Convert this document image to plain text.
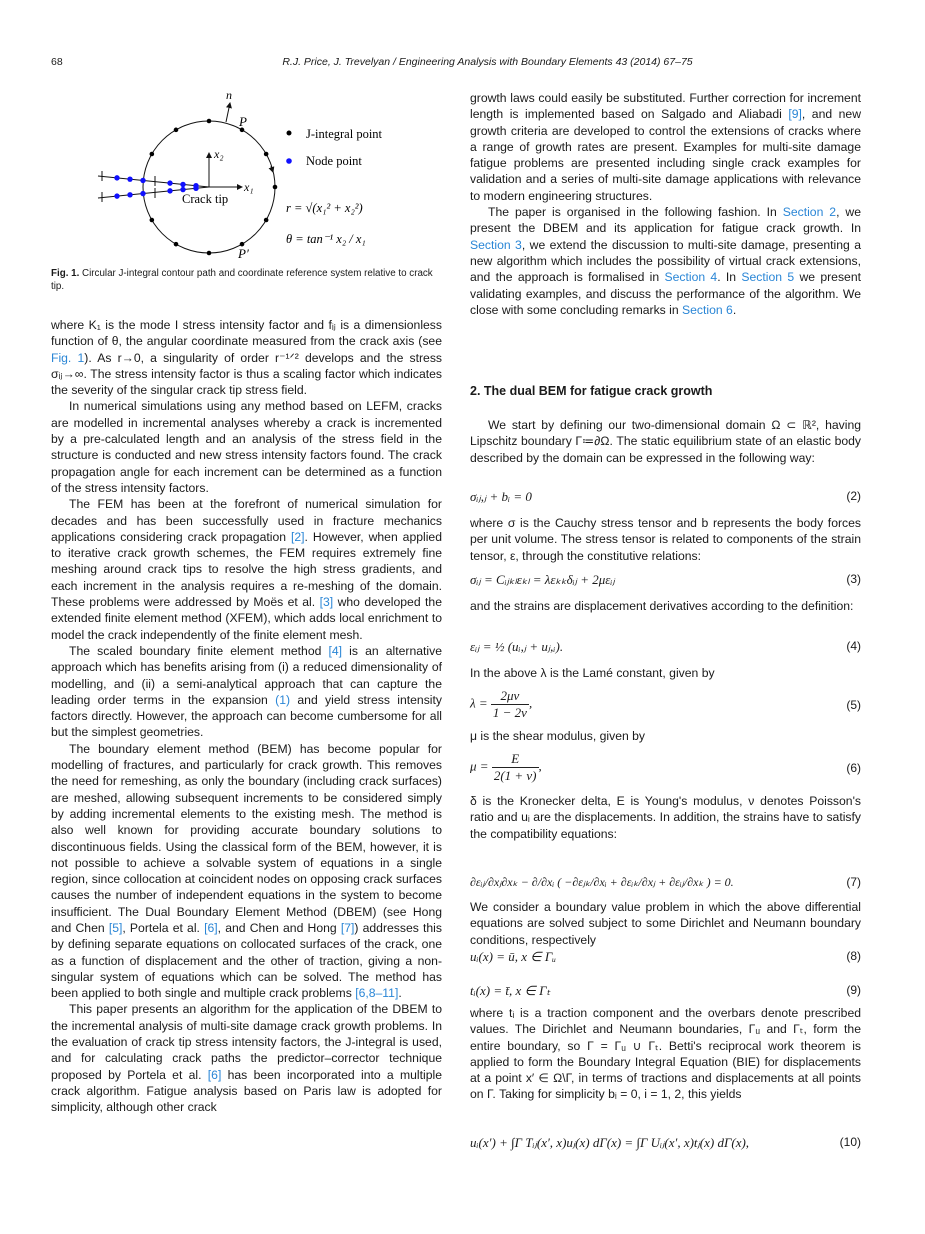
68	R.J. Price, J. Trevelyan / Engineering Analysis with Boundary Elements 43 (2014) 67–75
n
P
P′
x₂
x₁
Crack tip
J-integral point
Node point
r = √(x₁² + x₂²)
θ = tan⁻¹ x₂ / x₁
Fig. 1. Circular J-integral contour path and coordinate reference system relative to crack tip.

where K₁ is the mode I stress intensity factor and fᵢⱼ is a dimensionless function of θ, the angular coordinate measured from the crack axis (see Fig. 1). As r→0, a singularity of order r⁻¹ᐟ² develops and the stress σᵢⱼ→∞. The stress intensity factor is thus a scaling factor which indicates the severity of the singular crack tip stress field.

In numerical simulations using any method based on LEFM, cracks are modelled in incremental analyses whereby a crack is incremented by a pre-calculated length and an analysis of the stress field in the structure is conducted and new stress intensity factors found. The crack propagation angle for each increment can be determined as a function of the stress intensity factors.

The FEM has been at the forefront of numerical simulation for decades and has been successfully used in fracture mechanics applications considering crack propagation [2]. However, when applied to iterative crack growth schemes, the FEM requires extremely fine meshing around crack tips to resolve the high stress gradients, and each increment in the analysis requires a re-meshing of the domain. These problems were addressed by Moës et al. [3] who developed the extended finite element method (XFEM), which adds local enrichment to model the crack independently of the finite element mesh.

The scaled boundary finite element method [4] is an alternative approach which has benefits arising from (i) a reduced dimensionality of modelling, and (ii) a semi-analytical approach that can capture the leading order terms in the expansion (1) and yield stress intensity factors directly. However, the approach can become cumbersome for all but the simplest geometries.

The boundary element method (BEM) has become popular for modelling of fractures, and particularly for crack growth. This removes the need for remeshing, as only the boundary (including crack surfaces) are meshed, allowing subsequent increments to be considered simply by adding incremental elements to the existing mesh. The method is also well known for providing accurate boundary solutions to discontinuous fields. Using the classical form of the BEM, however, it is not possible to achieve a solvable system of equations in a single region, since collocation at coincident nodes on opposing crack surfaces causes the number of independent equations in the system to become insufficient. The Dual Boundary Element Method (DBEM) (see Hong and Chen [5], Portela et al. [6], and Chen and Hong [7]) addresses this by defining separate equations on collocated surfaces of the crack, one as a function of displacement and the other of traction, giving a non-singular system of equations which can be solved. The method has been applied to both single and multiple crack problems [6,8–11].

This paper presents an algorithm for the application of the DBEM to the incremental analysis of multi-site damage crack growth problems. In the evaluation of crack tip stress intensity factors, the J-integral is used, and for calculating crack paths the predictor–corrector technique proposed by Portela et al. [6] has been incorporated into a multiple crack algorithm. Fatigue analysis based on Paris law is adopted for simplicity, although other crack

growth laws could easily be substituted. Further correction for increment length is implemented based on Salgado and Aliabadi [9], and new growth criteria are developed to control the extensions of cracks where a range of growth rates are present. Examples for multi-site damage fatigue problems are presented including single crack examples for validation and a series of multi-site damage applications with relevance to modern engineering structures.

The paper is organised in the following fashion. In Section 2, we present the DBEM and its application for fatigue crack growth. In Section 3, we extend the discussion to multi-site damage, presenting a new algorithm which includes the possibility of virtual crack extensions, and the approach is formalised in Section 4. In Section 5 we present validating examples, and discuss the performance of the algorithm. We close with some concluding remarks in Section 6.

2. The dual BEM for fatigue crack growth
We start by defining our two-dimensional domain Ω ⊂ ℝ², having Lipschitz boundary Γ≔∂Ω. The static equilibrium state of an elastic body described by the domain can be expressed in the following way:
σᵢⱼ,ⱼ + bᵢ = 0	(2)
where σ is the Cauchy stress tensor and b represents the body forces per unit volume. The stress tensor is related to components of the strain tensor, ε, through the constitutive relations:
σᵢⱼ = Cᵢⱼₖₗεₖₗ = λεₖₖδᵢⱼ + 2μεᵢⱼ	(3)
and the strains are displacement derivatives according to the definition:
εᵢⱼ = ½ (uᵢ,ⱼ + uⱼ,ᵢ).	(4)
In the above λ is the Lamé constant, given by
$\lambda = \frac{2\mu\nu}{1 - 2\nu}$ ,	(5)
μ is the shear modulus, given by
$\mu = \frac{E}{2(1 + \nu)}$ ,	(6)
δ is the Kronecker delta, E is Young's modulus, ν denotes Poisson's ratio and uᵢ are the displacements. In addition, the strains have to satisfy the compatibility equations:
∂εᵢⱼ/∂xⱼ∂xₖ − ∂/∂xᵢ ( −∂εⱼₖ/∂xᵢ + ∂εᵢₖ/∂xⱼ + ∂εᵢⱼ/∂xₖ ) = 0.	(7)
We consider a boundary value problem in which the above differential equations are solved subject to some Dirichlet and Neumann boundary conditions, respectively
uᵢ(x) = ū, x ∈ Γᵤ	(8)
tᵢ(x) = t̄, x ∈ Γₜ	(9)
where tᵢ is a traction component and the overbars denote prescribed values. The Dirichlet and Neumann boundaries, Γᵤ and Γₜ, form the entire boundary, so Γ = Γᵤ ∪ Γₜ. Betti's reciprocal work theorem is applied to form the Boundary Integral Equation (BIE) for displacements at a point x′ ∈ Ω\Γ, in terms of tractions and displacements at all points on Γ. Taking for simplicity bᵢ = 0, i = 1, 2, this yields
uᵢ(x′) + ∫Γ Tᵢⱼ(x′, x)uⱼ(x) dΓ(x) = ∫Γ Uᵢⱼ(x′, x)tⱼ(x) dΓ(x),	(10)
